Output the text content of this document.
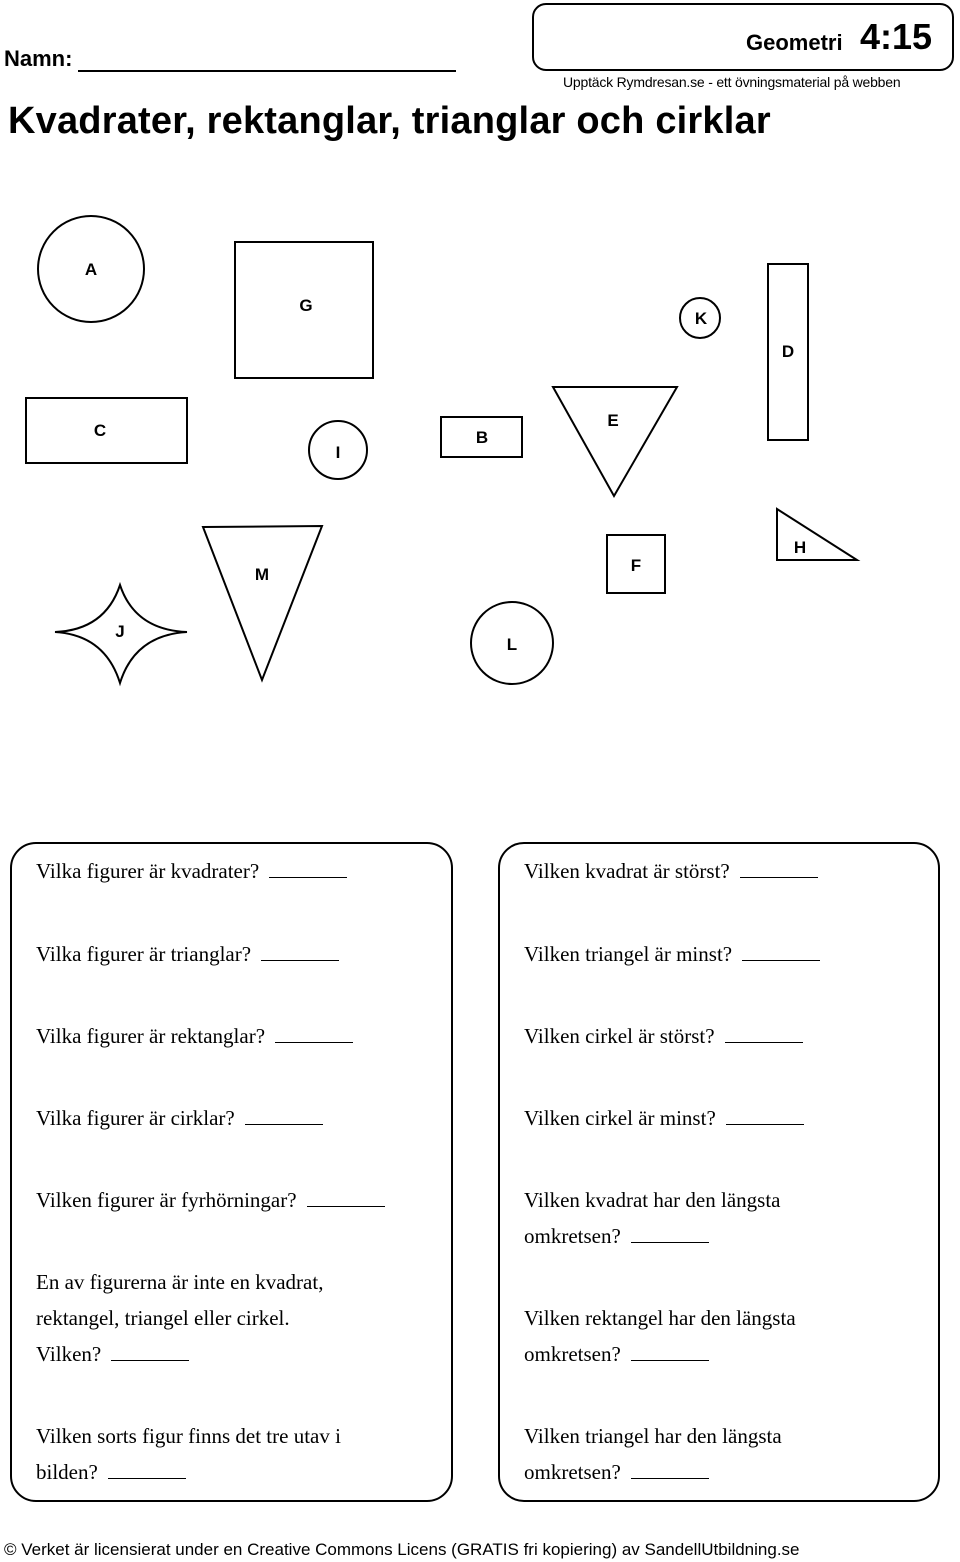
Namn:
Geometri 4:15
Upptäck Rymdresan.se - ett övningsmaterial på webben
Kvadrater, rektanglar, trianglar och cirklar
A
G
K
D
C
I
B
E
M	F
H
J
L
Vilka figurer är kvadrater?
Vilka figurer är trianglar?
Vilka figurer är rektanglar?
Vilka figurer är cirklar?
Vilken figurer är fyrhörningar?
En av figurerna är inte en kvadrat,
rektangel, triangel eller cirkel.
Vilken?
Vilken sorts figur finns det tre utav i
bilden?
Vilken kvadrat är störst?
Vilken triangel är minst?
Vilken cirkel är störst?
Vilken cirkel är minst?
Vilken kvadrat har den längsta
omkretsen?
Vilken rektangel har den längsta
omkretsen?
Vilken triangel har den längsta
omkretsen?
© Verket är licensierat under en Creative Commons Licens (GRATIS fri kopiering) av SandellUtbildning.se
